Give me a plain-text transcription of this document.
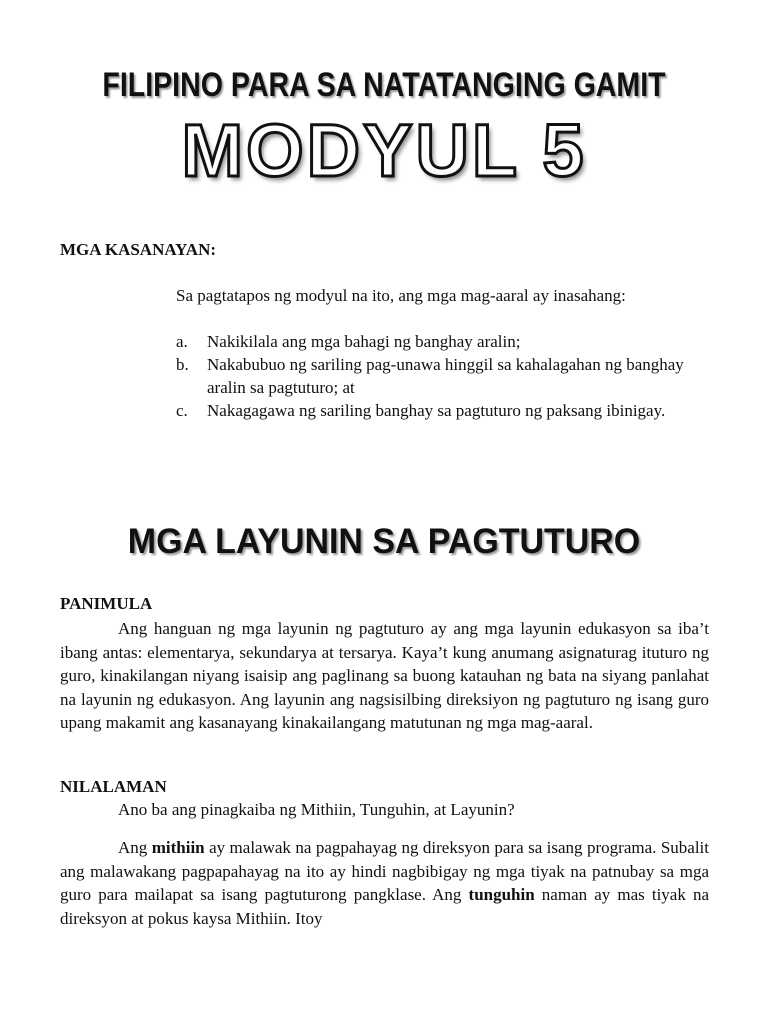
FILIPINO PARA SA NATATANGING GAMIT
MODYUL 5
MGA KASANAYAN:
Sa pagtatapos ng modyul na ito, ang mga mag-aaral ay inasahang:
a.	Nakikilala ang mga bahagi ng banghay aralin;
b.	Nakabubuo ng sariling pag-unawa hinggil sa kahalagahan ng banghay aralin sa pagtuturo; at
c.	Nakagagawa ng sariling banghay sa pagtuturo ng paksang ibinigay.
MGA LAYUNIN SA PAGTUTURO
PANIMULA

Ang hanguan ng mga layunin ng pagtuturo ay ang mga layunin edukasyon sa iba’t ibang antas: elementarya, sekundarya at tersarya. Kaya’t kung anumang asignaturag ituturo ng guro, kinakilangan niyang isaisip ang paglinang sa buong katauhan ng bata na siyang panlahat na layunin ng edukasyon. Ang layunin ang nagsisilbing direksiyon ng pagtuturo ng isang guro upang makamit ang kasanayang kinakailangang matutunan ng mga mag-aaral.

NILALAMAN
Ano ba ang pinagkaiba ng Mithiin, Tunguhin, at Layunin?

Ang mithiin ay malawak na pagpahayag ng direksyon para sa isang programa. Subalit ang malawakang pagpapahayag na ito ay hindi nagbibigay ng mga tiyak na patnubay sa mga guro para mailapat sa isang pagtuturong pangklase. Ang tunguhin naman ay mas tiyak na direksyon at pokus kaysa Mithiin. Itoy
